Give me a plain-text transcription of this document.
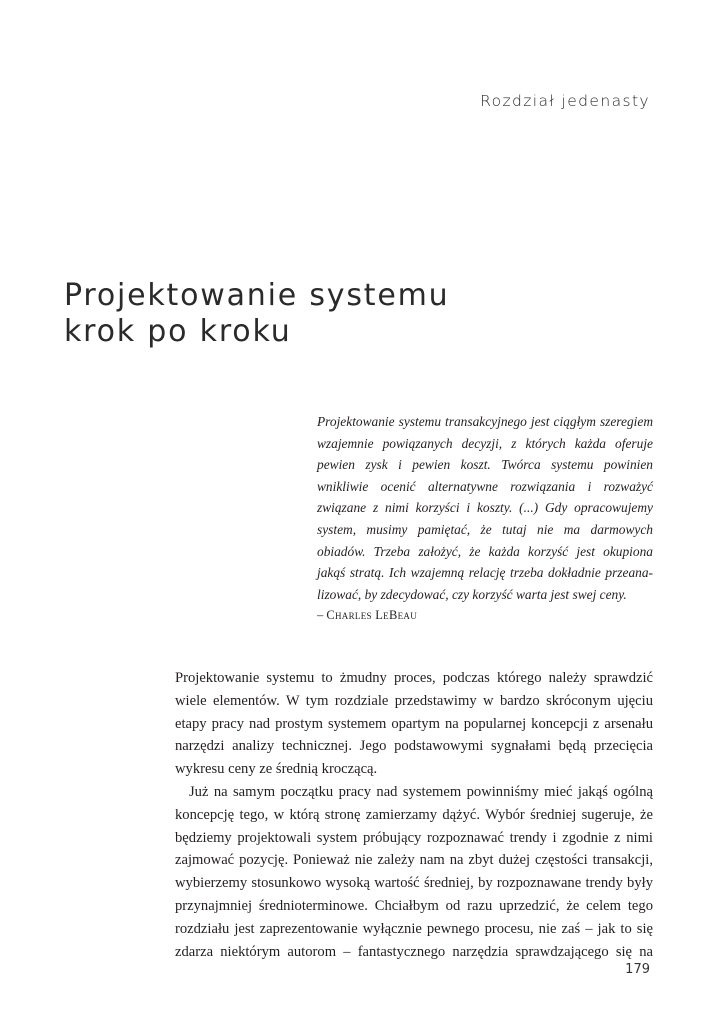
Rozdział jedenasty
Projektowanie systemu
krok po kroku
Projektowanie systemu transakcyjnego jest ciągłym szeregiem
wzajemnie powiązanych decyzji, z których każda oferuje
pewien zysk i pewien koszt. Twórca systemu powinien
wnikliwie ocenić alternatywne rozwiązania i rozważyć
związane z nimi korzyści i koszty. (...) Gdy opracowujemy
system, musimy pamiętać, że tutaj nie ma darmowych
obiadów. Trzeba założyć, że każda korzyść jest okupiona
jakąś stratą. Ich wzajemną relację trzeba dokładnie przeana-
lizować, by zdecydować, czy korzyść warta jest swej ceny.
– Charles LeBeau
Projektowanie systemu to żmudny proces, podczas którego należy sprawdzić
wiele elementów. W tym rozdziale przedstawimy w bardzo skróconym ujęciu
etapy pracy nad prostym systemem opartym na popularnej koncepcji z arsenału
narzędzi analizy technicznej. Jego podstawowymi sygnałami będą przecięcia
wykresu ceny ze średnią kroczącą.
Już na samym początku pracy nad systemem powinniśmy mieć jakąś ogólną
koncepcję tego, w którą stronę zamierzamy dążyć. Wybór średniej sugeruje, że
będziemy projektowali system próbujący rozpoznawać trendy i zgodnie z nimi
zajmować pozycję. Ponieważ nie zależy nam na zbyt dużej częstości transakcji,
wybierzemy stosunkowo wysoką wartość średniej, by rozpoznawane trendy były
przynajmniej średnioterminowe. Chciałbym od razu uprzedzić, że celem tego
rozdziału jest zaprezentowanie wyłącznie pewnego procesu, nie zaś – jak to się
zdarza niektórym autorom – fantastycznego narzędzia sprawdzającego się na
179
